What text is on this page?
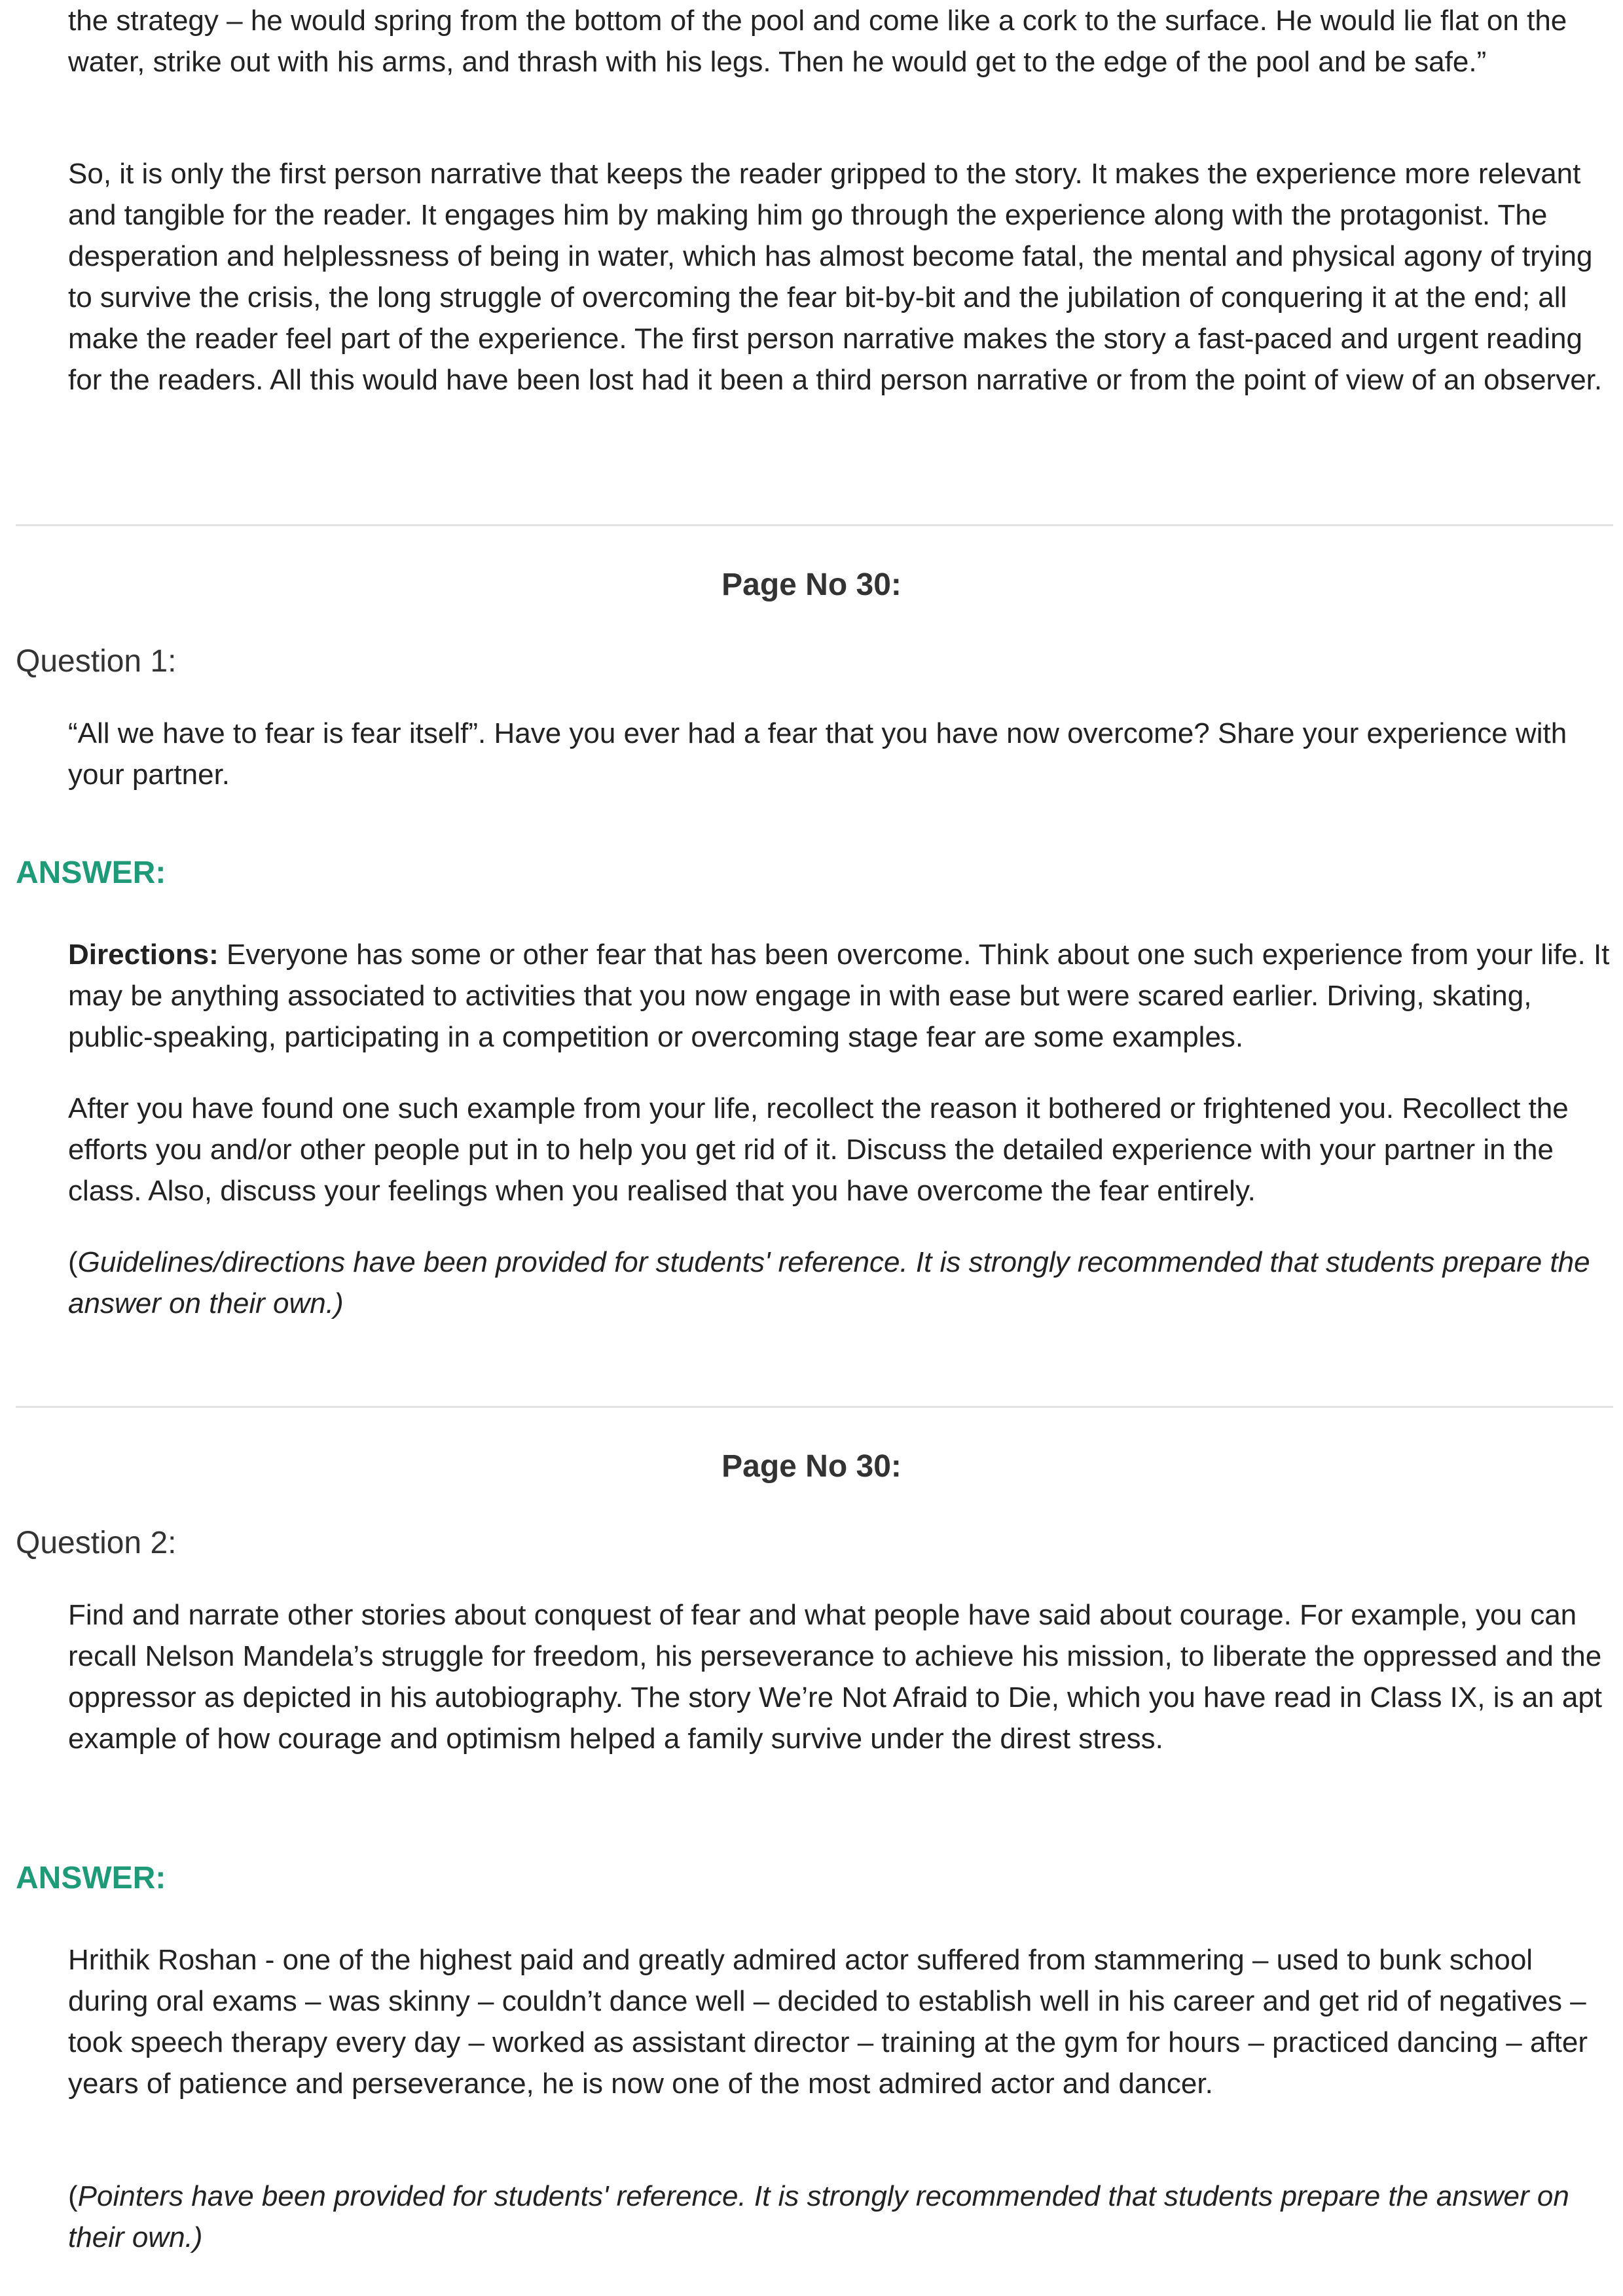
the strategy – he would spring from the bottom of the pool and come like a cork to the surface. He would lie flat on the water, strike out with his arms, and thrash with his legs. Then he would get to the edge of the pool and be safe.”

So, it is only the first person narrative that keeps the reader gripped to the story. It makes the experience more relevant and tangible for the reader. It engages him by making him go through the experience along with the protagonist. The desperation and helplessness of being in water, which has almost become fatal, the mental and physical agony of trying to survive the crisis, the long struggle of overcoming the fear bit-by-bit and the jubilation of conquering it at the end; all make the reader feel part of the experience. The first person narrative makes the story a fast-paced and urgent reading for the readers. All this would have been lost had it been a third person narrative or from the point of view of an observer.

Page No 30:

Question 1:

“All we have to fear is fear itself”. Have you ever had a fear that you have now overcome? Share your experience with your partner.

ANSWER:

Directions: Everyone has some or other fear that has been overcome. Think about one such experience from your life. It may be anything associated to activities that you now engage in with ease but were scared earlier. Driving, skating, public-speaking, participating in a competition or overcoming stage fear are some examples.

After you have found one such example from your life, recollect the reason it bothered or frightened you. Recollect the efforts you and/or other people put in to help you get rid of it. Discuss the detailed experience with your partner in the class. Also, discuss your feelings when you realised that you have overcome the fear entirely.

(Guidelines/directions have been provided for students' reference. It is strongly recommended that students prepare the answer on their own.)

Page No 30:

Question 2:

Find and narrate other stories about conquest of fear and what people have said about courage. For example, you can recall Nelson Mandela’s struggle for freedom, his perseverance to achieve his mission, to liberate the oppressed and the oppressor as depicted in his autobiography. The story We’re Not Afraid to Die, which you have read in Class IX, is an apt example of how courage and optimism helped a family survive under the direst stress.

ANSWER:

Hrithik Roshan - one of the highest paid and greatly admired actor suffered from stammering – used to bunk school during oral exams – was skinny – couldn’t dance well – decided to establish well in his career and get rid of negatives – took speech therapy every day – worked as assistant director – training at the gym for hours – practiced dancing – after years of patience and perseverance, he is now one of the most admired actor and dancer.

(Pointers have been provided for students' reference. It is strongly recommended that students prepare the answer on their own.)
